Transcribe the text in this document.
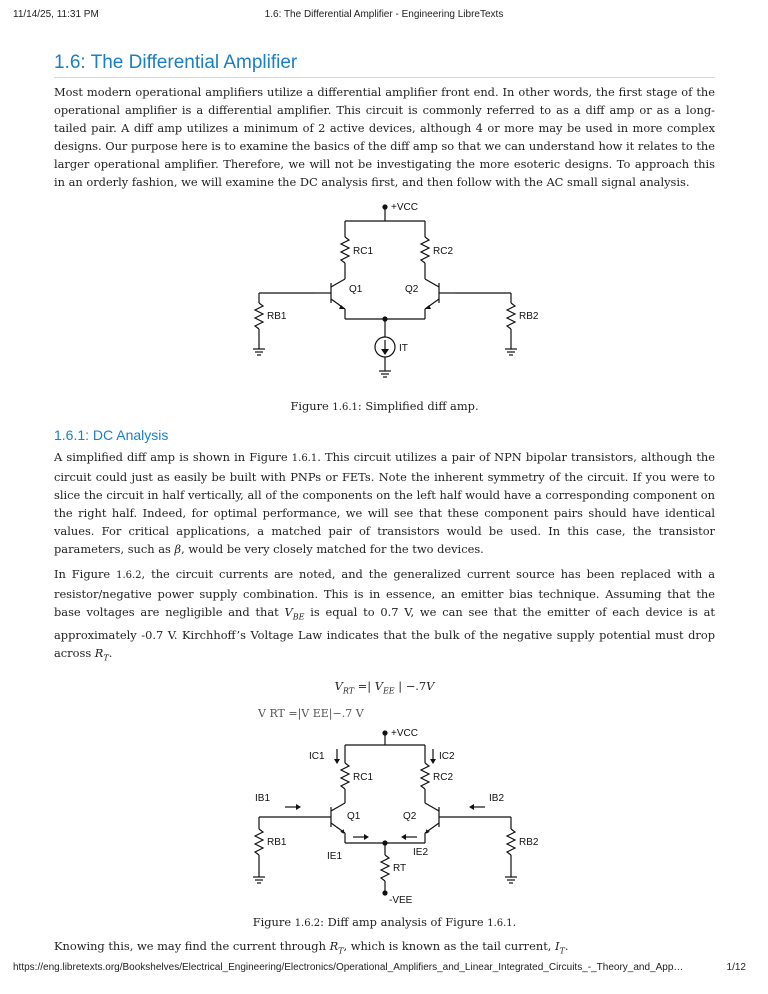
11/14/25, 11:31 PM	1.6: The Differential Amplifier - Engineering LibreTexts
1.6: The Differential Amplifier

Most modern operational amplifiers utilize a differential amplifier front end. In other words, the first stage of the operational amplifier is a differential amplifier. This circuit is commonly referred to as a diff amp or as a long-tailed pair. A diff amp utilizes a minimum of 2 active devices, although 4 or more may be used in more complex designs. Our purpose here is to examine the basics of the diff amp so that we can understand how it relates to the larger operational amplifier. Therefore, we will not be investigating the more esoteric designs. To approach this in an orderly fashion, we will examine the DC analysis first, and then follow with the AC small signal analysis.

+VCC
RC1	RC2
Q1	Q2
RB1	RB2
IT

Figure 1.6.1: Simplified diff amp.

1.6.1: DC Analysis

A simplified diff amp is shown in Figure 1.6.1. This circuit utilizes a pair of NPN bipolar transistors, although the circuit could just as easily be built with PNPs or FETs. Note the inherent symmetry of the circuit. If you were to slice the circuit in half vertically, all of the components on the left half would have a corresponding component on the right half. Indeed, for optimal performance, we will see that these component pairs should have identical values. For critical applications, a matched pair of transistors would be used. In this case, the transistor parameters, such as β, would be very closely matched for the two devices.

In Figure 1.6.2, the circuit currents are noted, and the generalized current source has been replaced with a resistor/negative power supply combination. This is in essence, an emitter bias technique. Assuming that the base voltages are negligible and that $V_{BE}$ is equal to 0.7 V, we can see that the emitter of each device is at approximately -0.7 V. Kirchhoff’s Voltage Law indicates that the bulk of the negative supply potential must drop across $R_T$.

$V_{RT}$ =| $V_{EE}$ | −.7V

V RT =|V EE|−.7 V

+VCC
IC1	IC2
RC1	RC2
IB1	IB2
Q1	Q2
RB1	RB2
IE1	IE2
RT
-VEE

Figure 1.6.2: Diff amp analysis of Figure 1.6.1.

Knowing this, we may find the current through $R_T$, which is known as the tail current, $I_T$.

https://eng.libretexts.org/Bookshelves/Electrical_Engineering/Electronics/Operational_Amplifiers_and_Linear_Integrated_Circuits_-_Theory_and_App…	1/12
